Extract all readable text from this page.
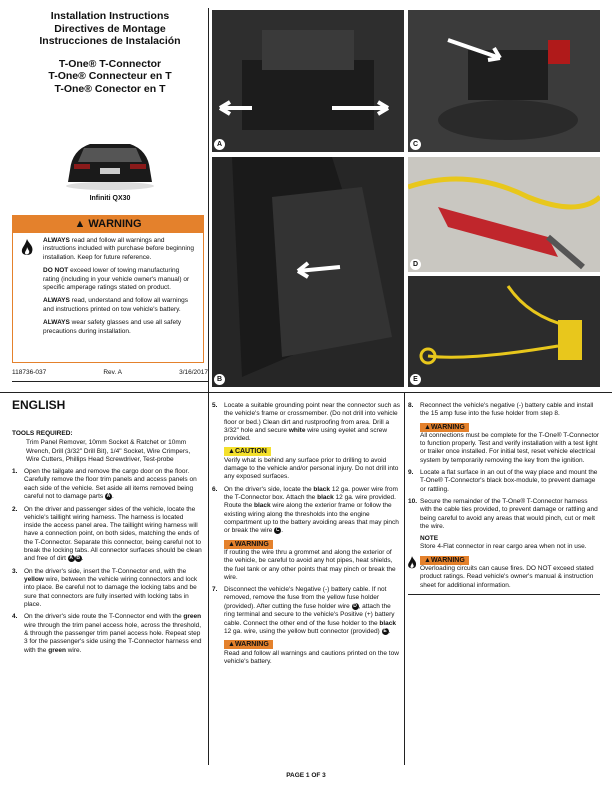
Installation Instructions
Directives de Montage
Instrucciones de Instalación
T-One® T-Connector
T-One® Connecteur en T
T-One® Conector en T
Infiniti QX30
▲ WARNING

ALWAYS read and follow all warnings and instructions included with purchase before beginning installation. Keep for future reference.

DO NOT exceed lower of towing manufacturing rating (including in your vehicle owner's manual) or specific amperage ratings stated on product.

ALWAYS read, understand and follow all warnings and instructions printed on tow vehicle's battery.

ALWAYS wear safety glasses and use all safety precautions during installation.

118736-037	Rev. A	3/16/2017
A	C
B
D
E
ENGLISH

TOOLS REQUIRED:

Trim Panel Remover, 10mm Socket & Ratchet or 10mm Wrench, Drill (3/32" Drill Bit), 1/4" Socket, Wire Crimpers, Wire Cutters, Phillips Head Screwdriver, Test-probe

1.	Open the tailgate and remove the cargo door on the floor. Carefully remove the floor trim panels and access panels on each side of the vehicle. Set aside all items removed being careful not to damage parts A .
2.	On the driver and passenger sides of the vehicle, locate the vehicle's taillight wiring harness. The harness is located inside the access panel area. The taillight wiring harness will have a connection point, on both sides, matching the ends of the T-Connector. Separate this connector, being careful not to break the locking tabs. All connector surfaces should be clean and free of dirt A B .
3.	On the driver's side, insert the T-Connector end, with the yellow wire, between the vehicle wiring connectors and lock into place. Be careful not to damage the locking tabs and be sure that connectors are fully inserted with locking tabs in place.
4.	On the driver's side route the T-Connector end with the green wire through the trim panel access hole, across the threshold, & through the passenger trim panel access hole. Repeat step 3 for the passenger's side using the T-Connector harness end with the green wire.
5.	Locate a suitable grounding point near the connector such as the vehicle's frame or crossmember. (Do not drill into vehicle floor or bed.) Clean dirt and rustproofing from area. Drill a 3/32" hole and secure white wire using eyelet and screw provided.
▲CAUTION

Verify what is behind any surface prior to drilling to avoid damage to the vehicle and/or personal injury. Do not drill into any exposed surfaces.

6.	On the driver's side, locate the black 12 ga. power wire from the T-Connector box. Attach the black 12 ga. wire provided. Route the black wire along the exterior frame or follow the existing wiring along the thresholds into the engine compartment up to the battery avoiding areas that may pinch or break the wire C .
▲WARNING

If routing the wire thru a grommet and along the exterior of the vehicle, be careful to avoid any hot pipes, heat shields, the fuel tank or any other points that may pinch or break the wire.

7.	Disconnect the vehicle's Negative (-) battery cable. If not removed, remove the fuse from the yellow fuse holder (provided). After cutting the fuse holder wire D , attach the ring terminal and secure to the vehicle's Positive (+) battery cable. Connect the other end of the fuse holder to the black 12 ga. wire, using the yellow butt connector (provided) E .
▲WARNING

Read and follow all warnings and cautions printed on the tow vehicle's battery.

8.	Reconnect the vehicle's negative (-) battery cable and install the 15 amp fuse into the fuse holder from step 8.
▲WARNING

All connections must be complete for the T-One® T-Connector to function properly. Test and verify installation with a test light or trailer once installed. For initial test, reset vehicle electrical system by temporarily removing the key from the ignition.

9.	Locate a flat surface in an out of the way place and mount the T-One® T-Connector's black box-module, to prevent damage or rattling.
10. Secure the remainder of the T-One® T-Connector harness with the cable ties provided, to prevent damage or rattling and being careful to avoid any areas that would pinch, cut or melt the wire.

NOTE

Store 4-Flat connector in rear cargo area when not in use.

▲WARNING

Overloading circuits can cause fires. DO NOT exceed stated product ratings. Read vehicle's owner's manual & instruction sheet for additional information.

PAGE 1 OF 3
